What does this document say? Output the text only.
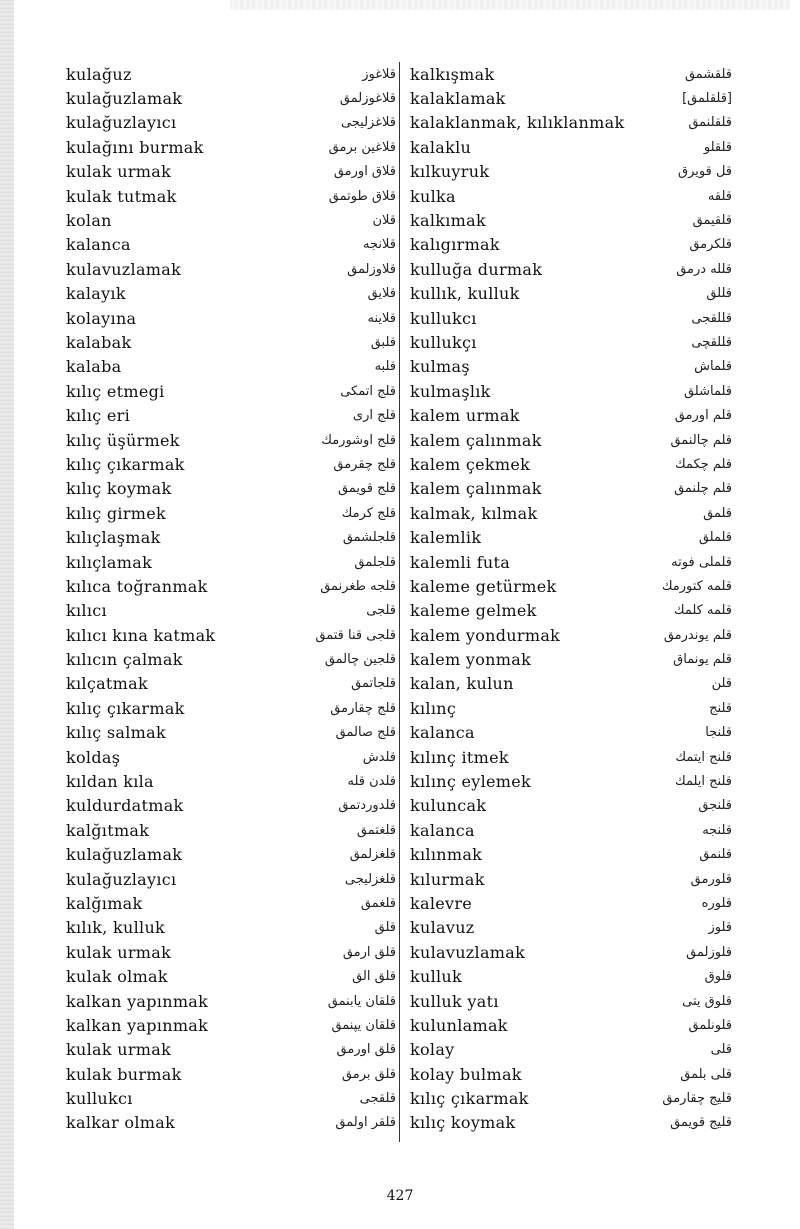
kulağuz	قلاغوز
kulağuzlamak	قلاغوزلمق
kulağuzlayıcı	قلاغزليجی
kulağını burmak	قلاغين برمق
kulak urmak	قلاق اورمق
kulak tutmak	قلاق طوتمق
kolan	قلان
kalanca	قلانجه
kulavuzlamak	قلاوزلمق
kalayık	قلايق
kolayına	قلاينه
kalabak	قلبق
kalaba	قلبه
kılıç etmegi	قلج اتمكی
kılıç eri	قلج اری
kılıç üşürmek	قلج اوشورمك
kılıç çıkarmak	قلج چقرمق
kılıç koymak	قلج قويمق
kılıç girmek	قلج كرمك
kılıçlaşmak	قلجلشمق
kılıçlamak	قلجلمق
kılıca toğranmak	قلجه طغرنمق
kılıcı	قلجی
kılıcı kına katmak	قلجی قنا قتمق
kılıcın çalmak	قلجين چالمق
kılçatmak	قلجاتمق
kılıç çıkarmak	قلج چقارمق
kılıç salmak	قلج صالمق
koldaş	قلدش
kıldan kıla	قلدن قله
kuldurdatmak	قلدوردتمق
kalğıtmak	قلغتمق
kulağuzlamak	قلغزلمق
kulağuzlayıcı	قلغزليجی
kalğımak	قلغمق
kılık, kulluk	قلق
kulak urmak	قلق ارمق
kulak olmak	قلق الق
kalkan yapınmak	قلقان يابنمق
kalkan yapınmak	قلقان يپنمق
kulak urmak	قلق اورمق
kulak burmak	قلق برمق
kullukcı	قلقجی
kalkar olmak	قلقر اولمق
kalkışmak	قلقشمق
kalaklamak	[قلقلمق]
kalaklanmak, kılıklanmak	قلقلنمق
kalaklu	قلقلو
kılkuyruk	قل قويرق
kulka	قلقه
kalkımak	قلقيمق
kalıgırmak	قلكرمق
kulluğa durmak	قلله درمق
kullık, kulluk	قللق
kullukcı	قللقجی
kullukçı	قللقچی
kulmaş	قلماش
kulmaşlık	قلماشلق
kalem urmak	قلم اورمق
kalem çalınmak	قلم چالنمق
kalem çekmek	قلم چكمك
kalem çalınmak	قلم چلنمق
kalmak, kılmak	قلمق
kalemlik	قلملق
kalemli futa	قلملی فوته
kaleme getürmek	قلمه كتورمك
kaleme gelmek	قلمه كلمك
kalem yondurmak	قلم يوندرمق
kalem yonmak	قلم يونماق
kalan, kulun	قلن
kılınç	قلنج
kalanca	قلنجا
kılınç itmek	قلنج ايتمك
kılınç eylemek	قلنج ايلمك
kuluncak	قلنجق
kalanca	قلنجه
kılınmak	قلنمق
kılurmak	قلورمق
kalevre	قلوره
kulavuz	قلوز
kulavuzlamak	قلوزلمق
kulluk	قلوق
kulluk yatı	قلوق يتی
kulunlamak	قلونلمق
kolay	قلی
kolay bulmak	قلی بلمق
kılıç çıkarmak	قليج چقارمق
kılıç koymak	قليج قويمق
427
